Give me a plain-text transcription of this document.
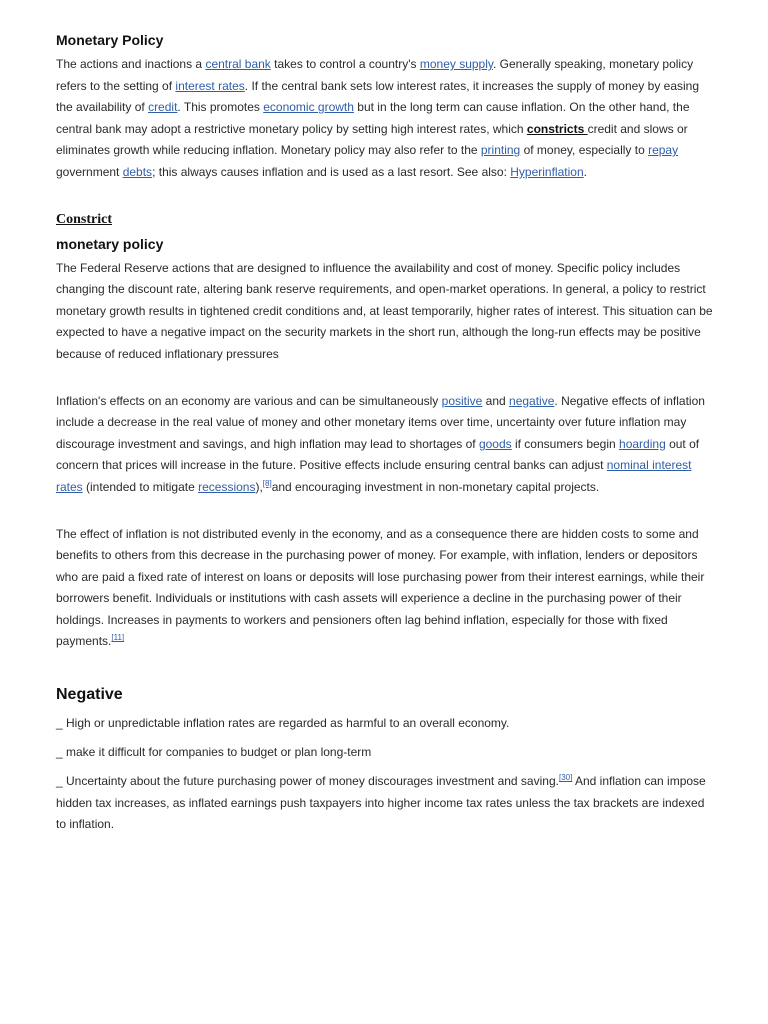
Monetary Policy

The actions and inactions a central bank takes to control a country's money supply. Generally speaking, monetary policy refers to the setting of interest rates. If the central bank sets low interest rates, it increases the supply of money by easing the availability of credit. This promotes economic growth but in the long term can cause inflation. On the other hand, the central bank may adopt a restrictive monetary policy by setting high interest rates, which constricts credit and slows or eliminates growth while reducing inflation. Monetary policy may also refer to the printing of money, especially to repay government debts; this always causes inflation and is used as a last resort. See also: Hyperinflation.

Constrict
monetary policy

The Federal Reserve actions that are designed to influence the availability and cost of money. Specific policy includes changing the discount rate, altering bank reserve requirements, and open-market operations. In general, a policy to restrict monetary growth results in tightened credit conditions and, at least temporarily, higher rates of interest. This situation can be expected to have a negative impact on the security markets in the short run, although the long-run effects may be positive because of reduced inflationary pressures

Inflation's effects on an economy are various and can be simultaneously positive and negative. Negative effects of inflation include a decrease in the real value of money and other monetary items over time, uncertainty over future inflation may discourage investment and savings, and high inflation may lead to shortages of goods if consumers begin hoarding out of concern that prices will increase in the future. Positive effects include ensuring central banks can adjust nominal interest rates (intended to mitigate recessions),[8]and encouraging investment in non-monetary capital projects.

The effect of inflation is not distributed evenly in the economy, and as a consequence there are hidden costs to some and benefits to others from this decrease in the purchasing power of money. For example, with inflation, lenders or depositors who are paid a fixed rate of interest on loans or deposits will lose purchasing power from their interest earnings, while their borrowers benefit. Individuals or institutions with cash assets will experience a decline in the purchasing power of their holdings. Increases in payments to workers and pensioners often lag behind inflation, especially for those with fixed payments.[11]

Negative

_ High or unpredictable inflation rates are regarded as harmful to an overall economy.

_ make it difficult for companies to budget or plan long-term

_ Uncertainty about the future purchasing power of money discourages investment and saving.[30] And inflation can impose hidden tax increases, as inflated earnings push taxpayers into higher income tax rates unless the tax brackets are indexed to inflation.
